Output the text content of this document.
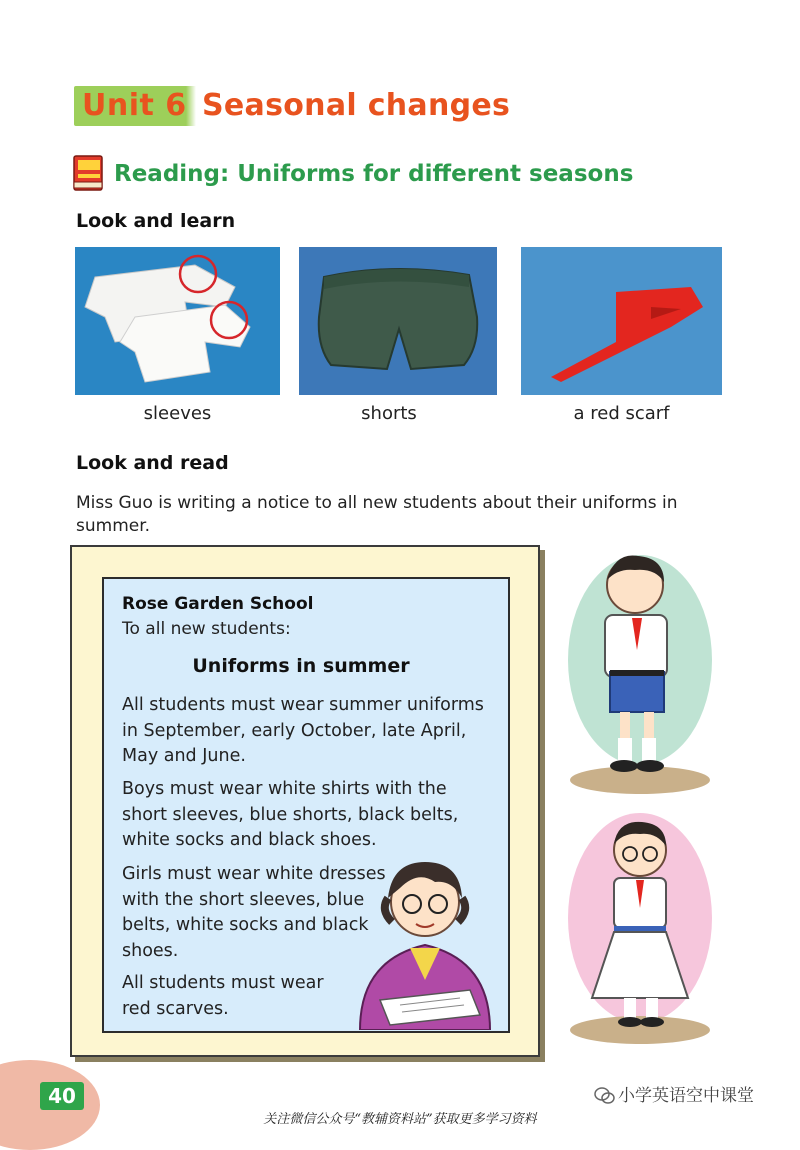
Unit 6 Seasonal changes
Reading: Uniforms for different seasons
Look and learn
sleeves	shorts	a red scarf
Look and read
Miss Guo is writing a notice to all new students about their uniforms in summer.
Rose Garden School
To all new students:
Uniforms in summer
All students must wear summer uniforms in September, early October, late April, May and June.
Boys must wear white shirts with the short sleeves, blue shorts, black belts, white socks and black shoes.
Girls must wear white dresses with the short sleeves, blue belts, white socks and black shoes.
All students must wear red scarves.
40	小学英语空中课堂
关注微信公众号“教辅资料站”获取更多学习资料
